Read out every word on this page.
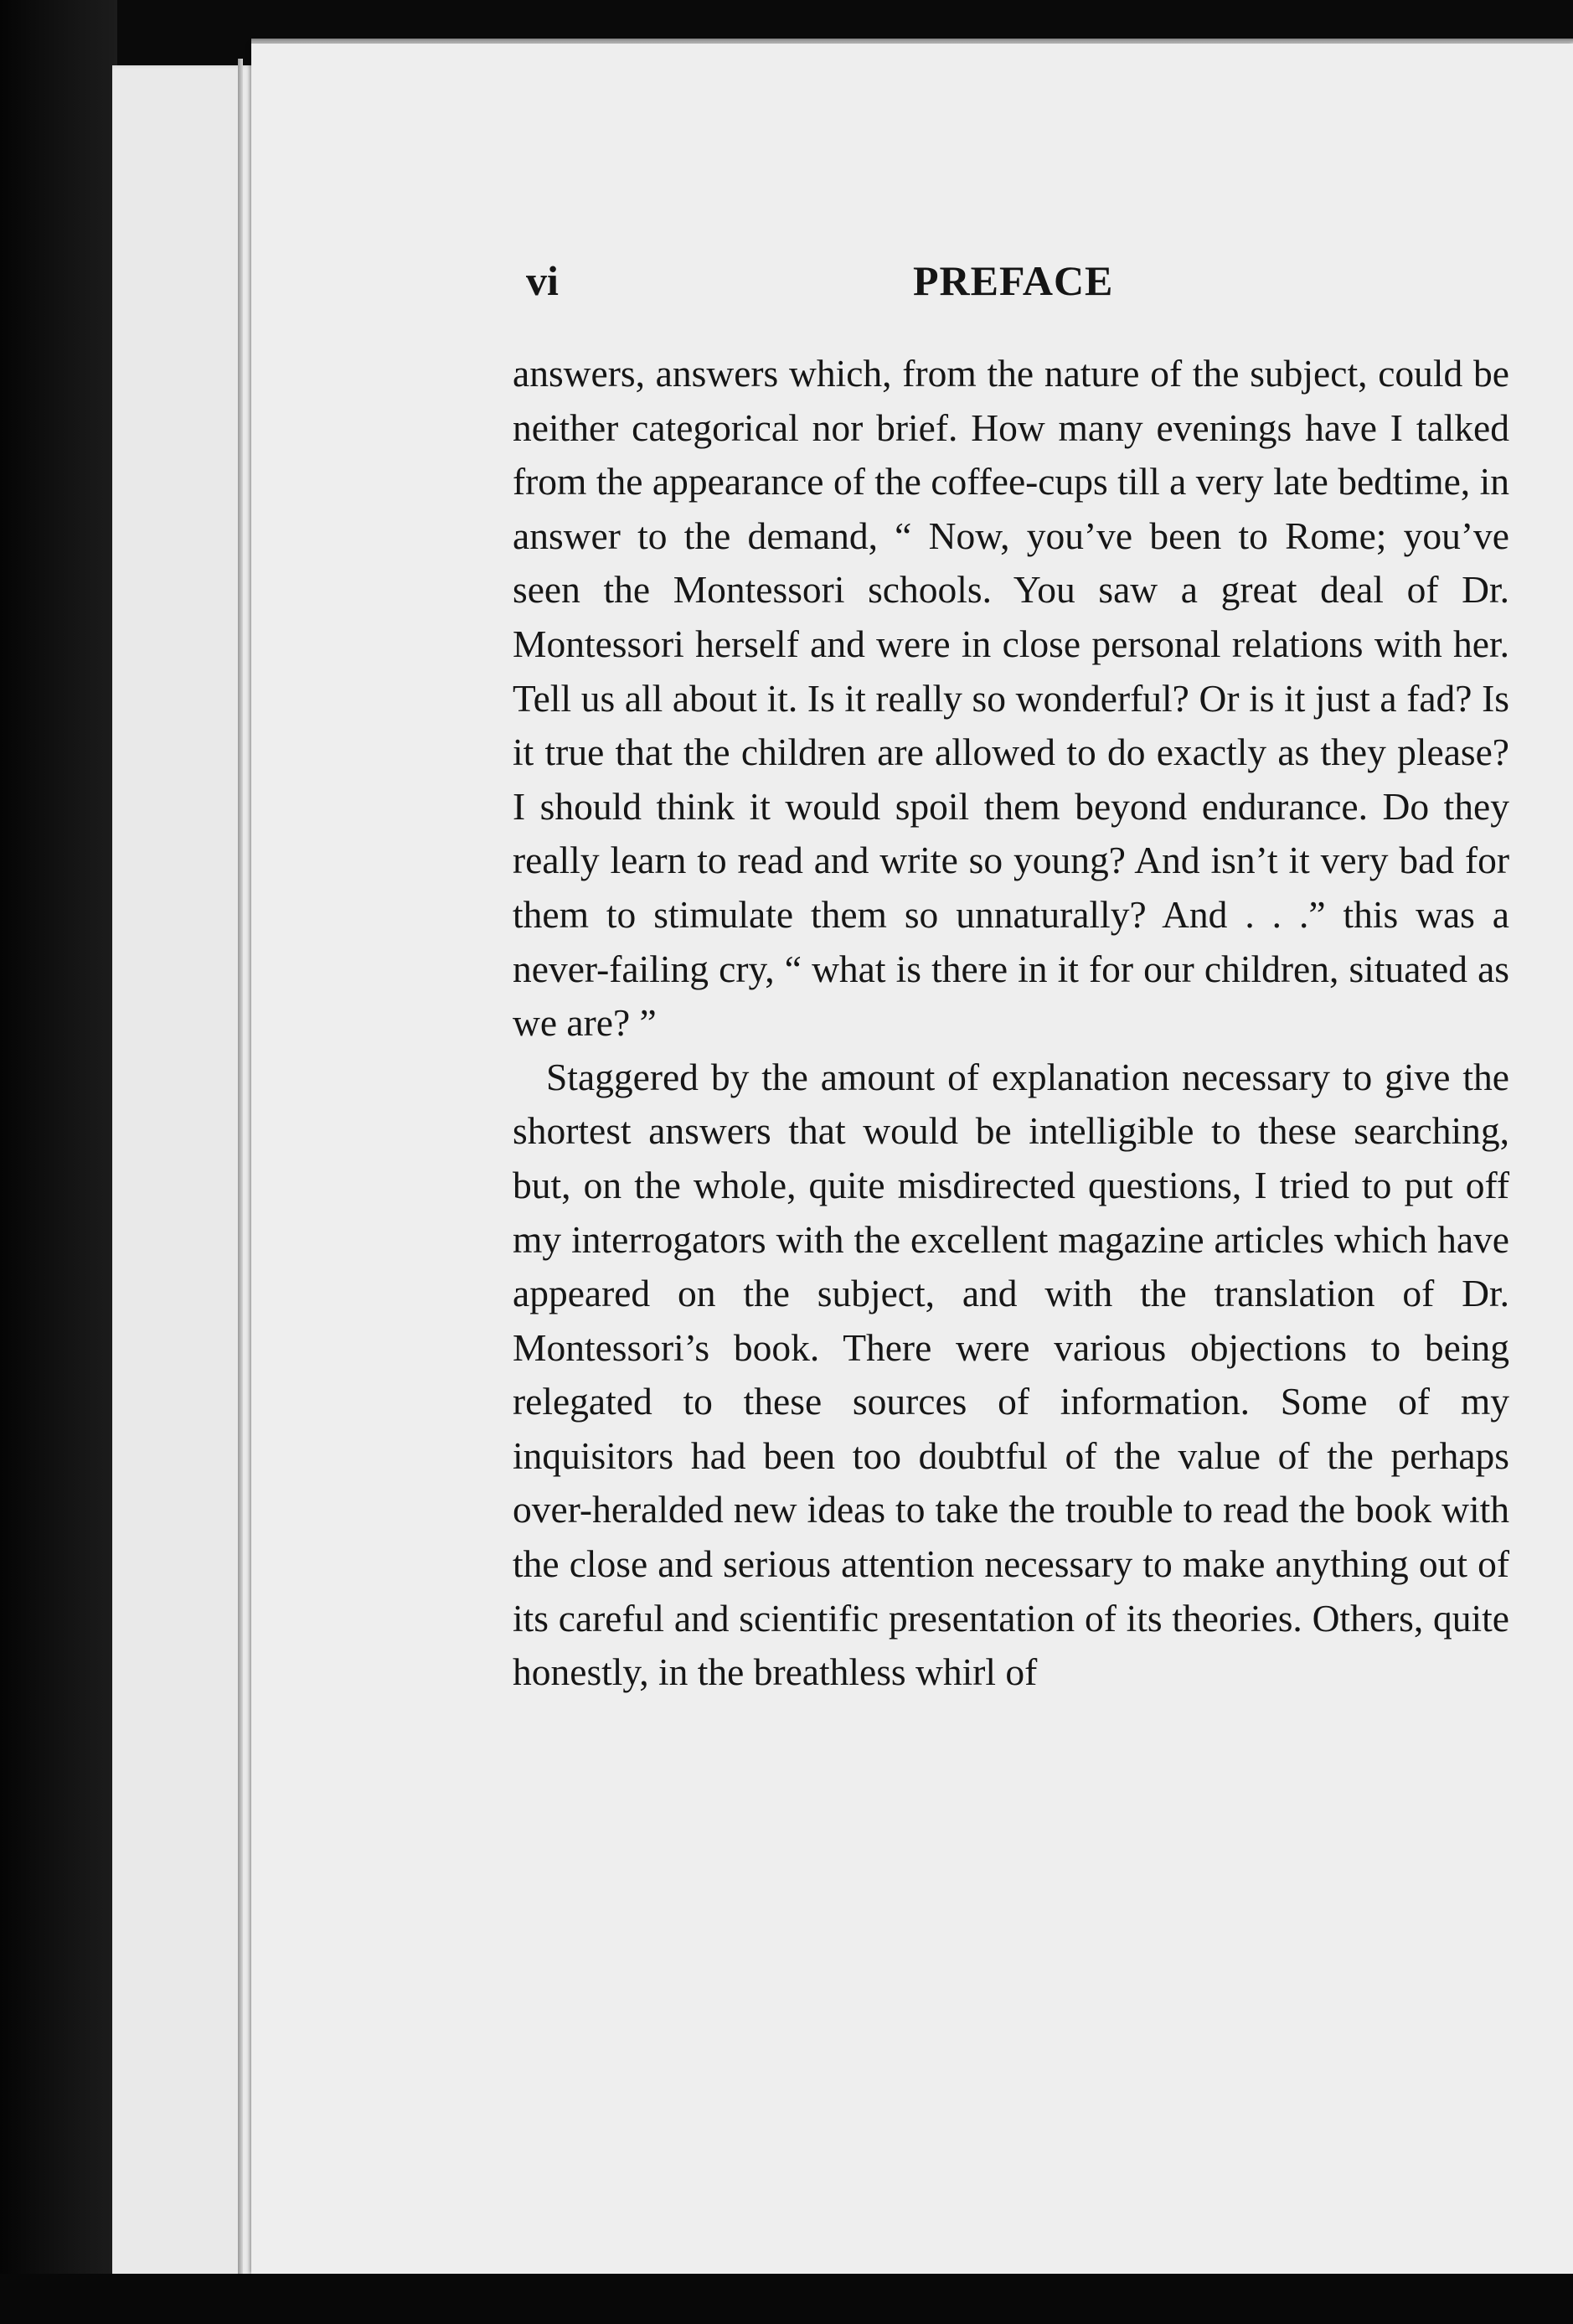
vi	PREFACE

answers, answers which, from the nature of the subject, could be neither categorical nor brief. How many evenings have I talked from the appearance of the coffee-cups till a very late bedtime, in answer to the demand, “ Now, you’ve been to Rome; you’ve seen the Montessori schools. You saw a great deal of Dr. Montessori herself and were in close personal relations with her. Tell us all about it. Is it really so wonderful? Or is it just a fad? Is it true that the children are allowed to do exactly as they please? I should think it would spoil them beyond endurance. Do they really learn to read and write so young? And isn’t it very bad for them to stimulate them so unnaturally? And . . .” this was a never-failing cry, “ what is there in it for our children, situated as we are? ”

Staggered by the amount of explanation necessary to give the shortest answers that would be intelligible to these searching, but, on the whole, quite misdirected questions, I tried to put off my interrogators with the excellent magazine articles which have appeared on the subject, and with the translation of Dr. Montessori’s book. There were various objections to being relegated to these sources of information. Some of my inquisitors had been too doubtful of the value of the perhaps over-heralded new ideas to take the trouble to read the book with the close and serious attention necessary to make anything out of its careful and scientific presentation of its theories. Others, quite honestly, in the breathless whirl of
